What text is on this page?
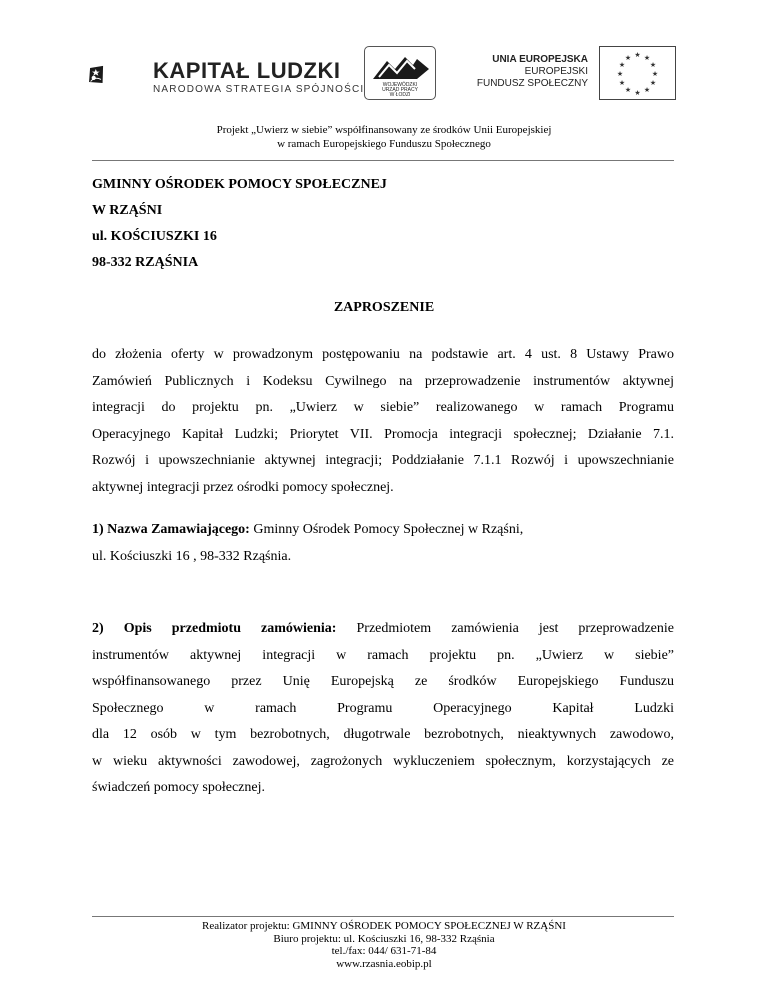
KAPITAŁ LUDZKI
NARODOWA STRATEGIA SPÓJNOŚCI	WOJEWÓDZKI
URZĄD PRACY
W ŁODZI
UNIA EUROPEJSKA
EUROPEJSKI
FUNDUSZ SPOŁECZNY
★ ★
★
★
★
★
★
★
★
★
★
★
Projekt „Uwierz w siebie” współfinansowany ze środków Unii Europejskiej
w ramach Europejskiego Funduszu Społecznego
GMINNY OŚRODEK POMOCY SPOŁECZNEJ
W RZĄŚNI
ul. KOŚCIUSZKI 16
98-332 RZĄŚNIA
ZAPROSZENIE
do złożenia oferty w prowadzonym postępowaniu na podstawie art. 4 ust. 8 Ustawy Prawo
Zamówień Publicznych i Kodeksu Cywilnego na przeprowadzenie instrumentów aktywnej
integracji do projektu pn. „Uwierz w siebie” realizowanego w ramach Programu
Operacyjnego Kapitał Ludzki; Priorytet VII. Promocja integracji społecznej; Działanie 7.1.
Rozwój i upowszechnianie aktywnej integracji; Poddziałanie 7.1.1 Rozwój i upowszechnianie
aktywnej integracji przez ośrodki pomocy społecznej.
1) Nazwa Zamawiającego: Gminny Ośrodek Pomocy Społecznej w Rząśni,
ul. Kościuszki 16 , 98-332 Rząśnia.
2) Opis przedmiotu zamówienia: Przedmiotem zamówienia jest przeprowadzenie
instrumentów aktywnej integracji w ramach projektu pn. „Uwierz w siebie”
współfinansowanego przez Unię Europejską ze środków Europejskiego Funduszu
Społecznego w ramach Programu Operacyjnego Kapitał Ludzki
dla 12 osób w tym bezrobotnych, długotrwale bezrobotnych, nieaktywnych zawodowo,
w wieku aktywności zawodowej, zagrożonych wykluczeniem społecznym, korzystających ze
świadczeń pomocy społecznej.
Realizator projektu: GMINNY OŚRODEK POMOCY SPOŁECZNEJ W RZĄŚNI
Biuro projektu: ul. Kościuszki 16, 98-332 Rząśnia
tel./fax: 044/ 631-71-84
www.rzasnia.eobip.pl
